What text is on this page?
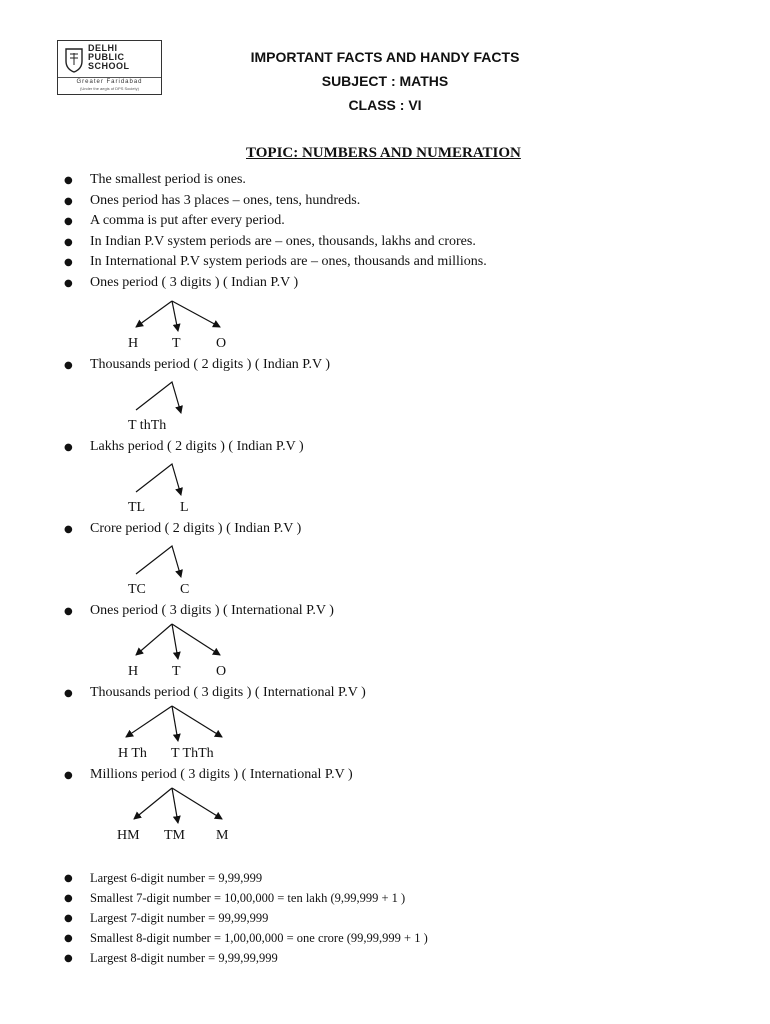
DELHI
PUBLIC
SCHOOL
Greater Faridabad
(Under the aegis of DPS Society)
IMPORTANT FACTS AND HANDY FACTS
SUBJECT : MATHS
CLASS : VI
TOPIC: NUMBERS AND NUMERATION
● The smallest period is ones.
● Ones period has 3 places – ones, tens, hundreds.
● A comma is put after every period.
● In Indian P.V system periods are – ones, thousands, lakhs and crores.
● In International P.V system periods are – ones, thousands and millions.
● Ones period ( 3 digits ) ( Indian P.V )
H T	O
● Thousands period ( 2 digits ) ( Indian P.V )
T thTh
● Lakhs period ( 2 digits ) ( Indian P.V )
TL L
● Crore period ( 2 digits ) ( Indian P.V )
TC C
● Ones period ( 3 digits ) ( International P.V )
H T	O
● Thousands period ( 3 digits ) ( International P.V )
H Th T ThTh
● Millions period ( 3 digits ) ( International P.V )
HM TM M
● Largest 6-digit number = 9,99,999
● Smallest 7-digit number = 10,00,000 = ten lakh (9,99,999 + 1 )
● Largest 7-digit number = 99,99,999
● Smallest 8-digit number = 1,00,00,000 = one crore (99,99,999 + 1 )
● Largest 8-digit number = 9,99,99,999
